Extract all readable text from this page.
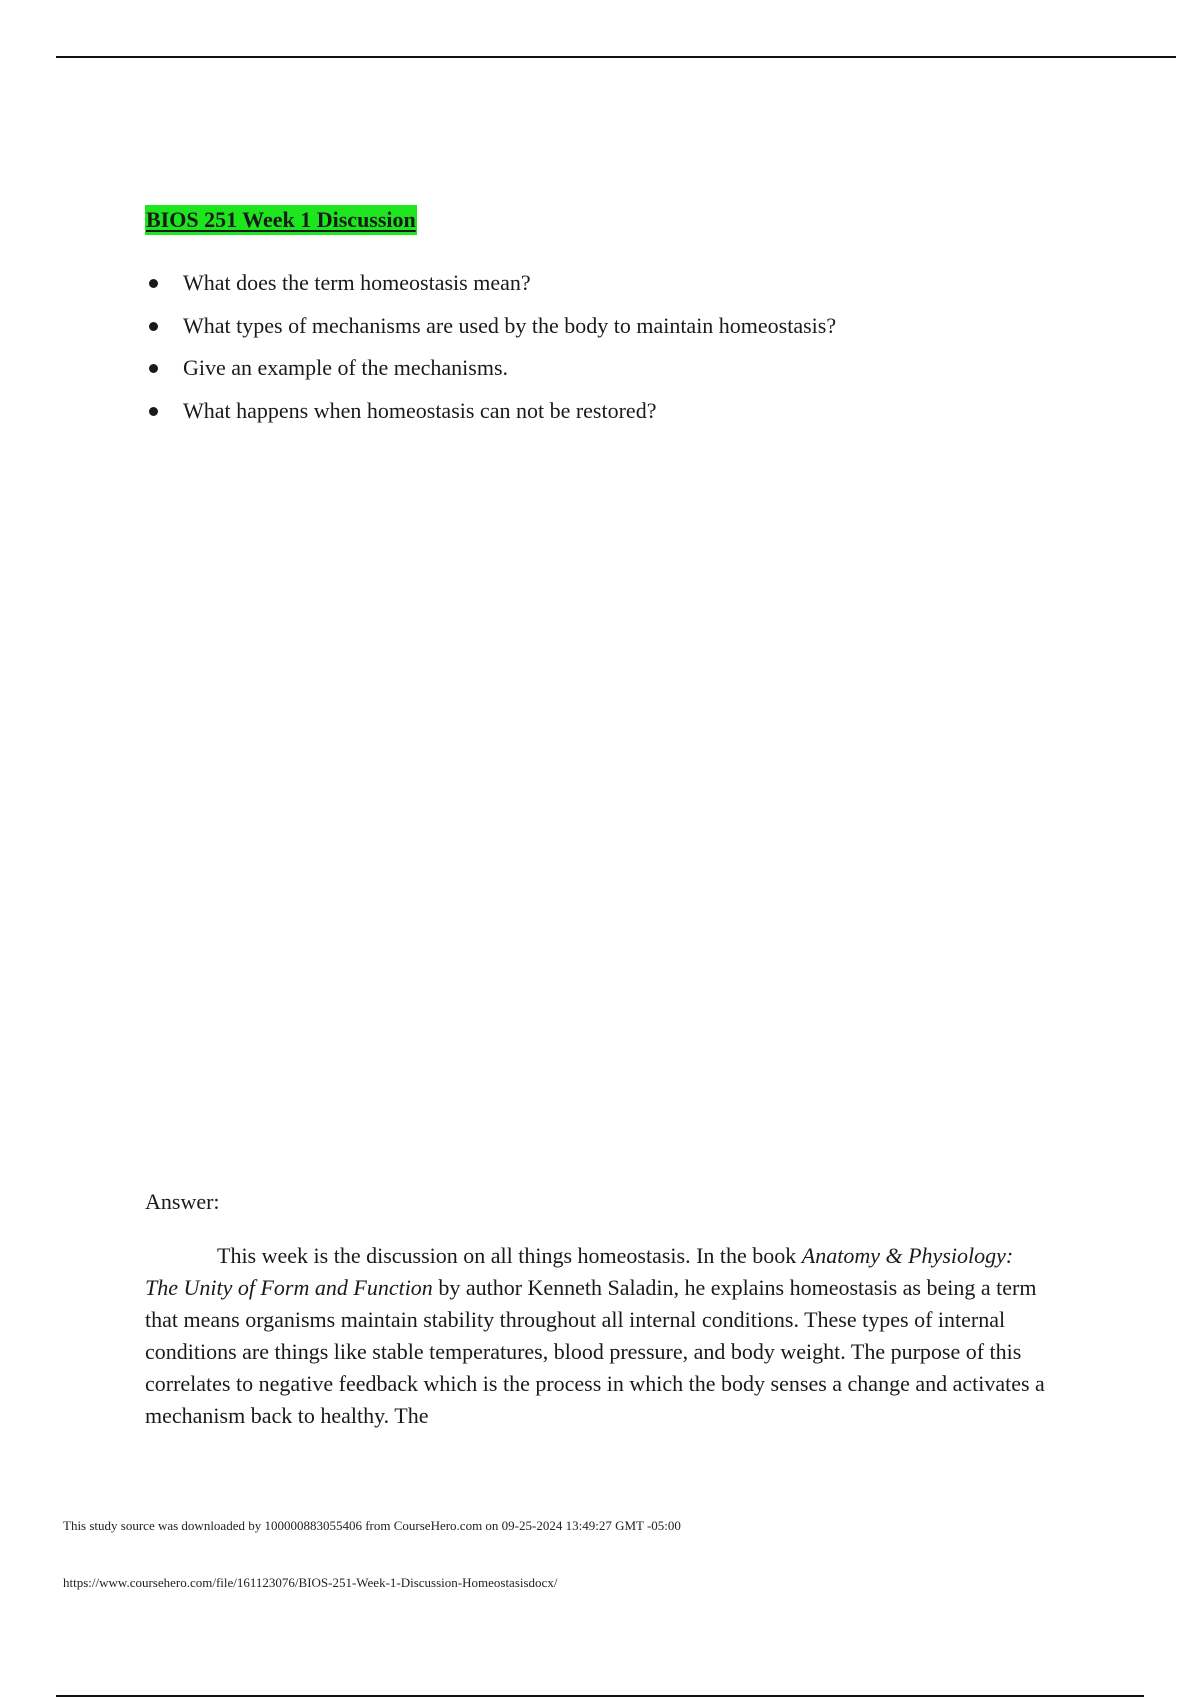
BIOS 251 Week 1 Discussion
What does the term homeostasis mean?
What types of mechanisms are used by the body to maintain homeostasis?
Give an example of the mechanisms.
What happens when homeostasis can not be restored?
Answer:

This week is the discussion on all things homeostasis. In the book Anatomy & Physiology: The Unity of Form and Function by author Kenneth Saladin, he explains homeostasis as being a term that means organisms maintain stability throughout all internal conditions. These types of internal conditions are things like stable temperatures, blood pressure, and body weight. The purpose of this correlates to negative feedback which is the process in which the body senses a change and activates a mechanism back to healthy. The

This study source was downloaded by 100000883055406 from CourseHero.com on 09-25-2024 13:49:27 GMT -05:00
https://www.coursehero.com/file/161123076/BIOS-251-Week-1-Discussion-Homeostasisdocx/
